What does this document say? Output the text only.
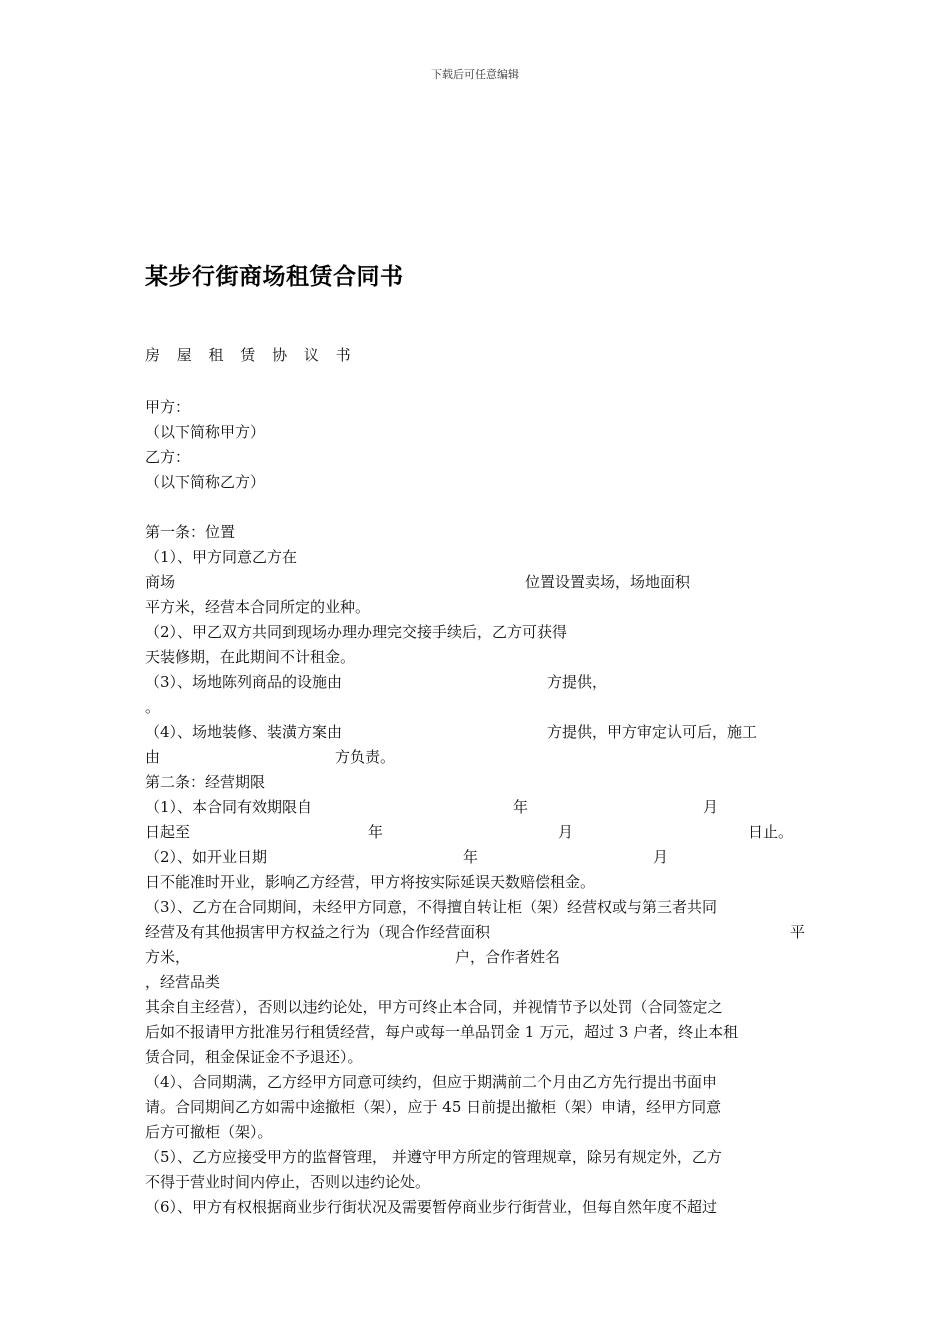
下载后可任意编辑
某步行街商场租赁合同书
房 屋 租 赁 协 议 书
甲方：
（以下简称甲方）
乙方：
（以下简称乙方）
第一条：位置
（1）、甲方同意乙方在
商场	位置设置卖场，场地面积
平方米，经营本合同所定的业种。
（2）、甲乙双方共同到现场办理办理完交接手续后，乙方可获得
天装修期，在此期间不计租金。
（3）、场地陈列商品的设施由	方提供，
。
（4）、场地装修、装潢方案由	方提供，甲方审定认可后，施工
由	方负责。
第二条：经营期限
（1）、本合同有效期限自	年	月
日起至	年	月	日止。
（2）、如开业日期	年	月
日不能准时开业，影响乙方经营，甲方将按实际延误天数赔偿租金。
（3）、乙方在合同期间，未经甲方同意，不得擅自转让柜（架）经营权或与第三者共同
经营及有其他损害甲方权益之行为（现合作经营面积	平
方米，	户，合作者姓名
，经营品类
其余自主经营），否则以违约论处，甲方可终止本合同，并视情节予以处罚（合同签定之
后如不报请甲方批准另行租赁经营，每户或每一单品罚金 1 万元，超过 3 户者，终止本租
赁合同，租金保证金不予退还）。
（4）、合同期满，乙方经甲方同意可续约，但应于期满前二个月由乙方先行提出书面申
请。合同期间乙方如需中途撤柜（架），应于 45 日前提出撤柜（架）申请，经甲方同意
后方可撤柜（架）。
（5）、乙方应接受甲方的监督管理， 并遵守甲方所定的管理规章，除另有规定外，乙方
不得于营业时间内停止，否则以违约论处。
（6）、甲方有权根据商业步行街状况及需要暂停商业步行街营业，但每自然年度不超过
